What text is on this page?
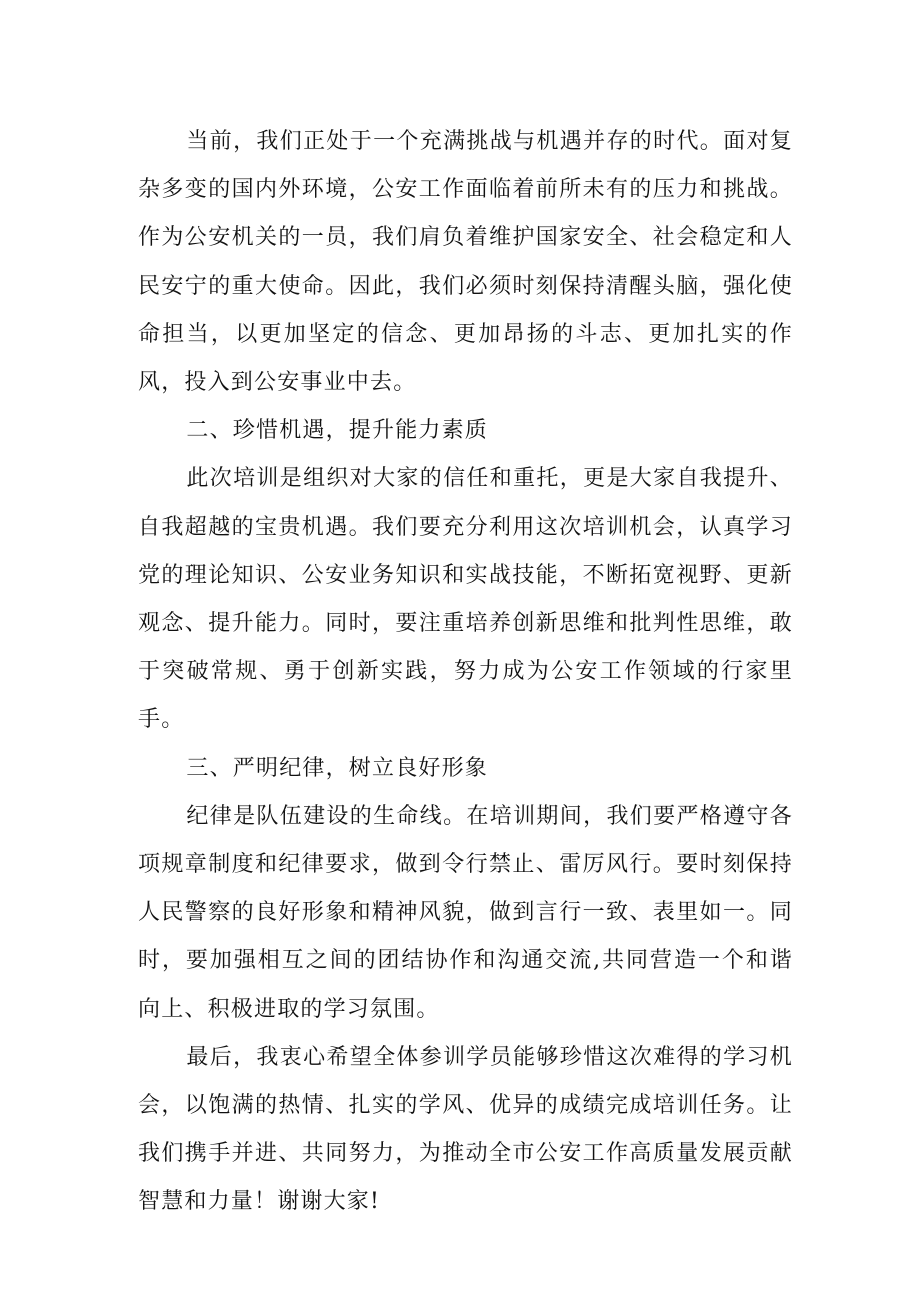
当前，我们正处于一个充满挑战与机遇并存的时代。面对复杂多变的国内外环境，公安工作面临着前所未有的压力和挑战。作为公安机关的一员，我们肩负着维护国家安全、社会稳定和人民安宁的重大使命。因此，我们必须时刻保持清醒头脑，强化使命担当，以更加坚定的信念、更加昂扬的斗志、更加扎实的作风，投入到公安事业中去。

二、珍惜机遇，提升能力素质

此次培训是组织对大家的信任和重托，更是大家自我提升、自我超越的宝贵机遇。我们要充分利用这次培训机会，认真学习党的理论知识、公安业务知识和实战技能，不断拓宽视野、更新观念、提升能力。同时，要注重培养创新思维和批判性思维，敢于突破常规、勇于创新实践，努力成为公安工作领域的行家里手。

三、严明纪律，树立良好形象

纪律是队伍建设的生命线。在培训期间，我们要严格遵守各项规章制度和纪律要求，做到令行禁止、雷厉风行。要时刻保持人民警察的良好形象和精神风貌，做到言行一致、表里如一。同时，要加强相互之间的团结协作和沟通交流,共同营造一个和谐向上、积极进取的学习氛围。

最后，我衷心希望全体参训学员能够珍惜这次难得的学习机会，以饱满的热情、扎实的学风、优异的成绩完成培训任务。让我们携手并进、共同努力，为推动全市公安工作高质量发展贡献智慧和力量！谢谢大家!
